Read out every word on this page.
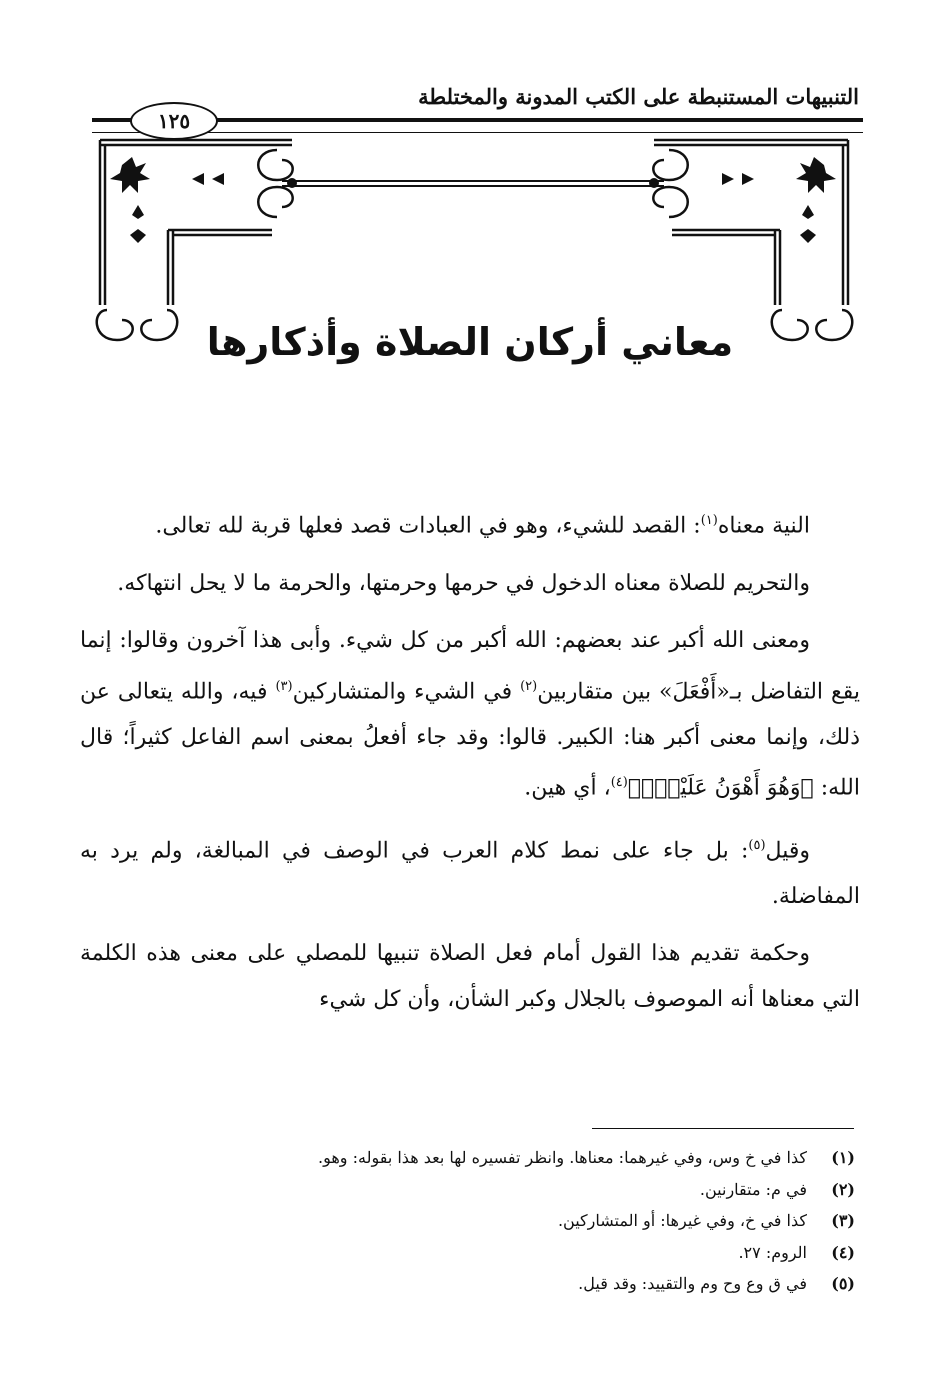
التنبيهات المستنبطة على الكتب المدونة والمختلطة
١٢٥
معاني أركان الصلاة وأذكارها

النية معناه$^{(١)}$: القصد للشيء، وهو في العبادات قصد فعلها قربة لله تعالى.

والتحريم للصلاة معناه الدخول في حرمها وحرمتها، والحرمة ما لا يحل انتهاكه.

ومعنى الله أكبر عند بعضهم: الله أكبر من كل شيء. وأبى هذا آخرون وقالوا: إنما يقع التفاضل بـ«أَفْعَلَ» بين متقاربين$^{(٢)}$ في الشيء والمتشاركين$^{(٣)}$ فيه، والله يتعالى عن ذلك، وإنما معنى أكبر هنا: الكبير. قالوا: وقد جاء أفعلُ بمعنى اسم الفاعل كثيراً؛ قال الله: ﴿وَهُوَ أَهْوَنُ عَلَيْهِۚ﴾$^{(٤)}$، أي هين.

وقيل$^{(٥)}$: بل جاء على نمط كلام العرب في الوصف في المبالغة، ولم يرد به المفاضلة.

وحكمة تقديم هذا القول أمام فعل الصلاة تنبيها للمصلي على معنى هذه الكلمة التي معناها أنه الموصوف بالجلال وكبر الشأن، وأن كل شيء

(١)كذا في خ وس، وفي غيرهما: معناها. وانظر تفسيره لها بعد هذا بقوله: وهو.
(٢)في م: متقارنين.
(٣)كذا في خ، وفي غيرها: أو المتشاركين.
(٤)الروم: ٢٧.
(٥)في ق وع وح وم والتقييد: وقد قيل.
